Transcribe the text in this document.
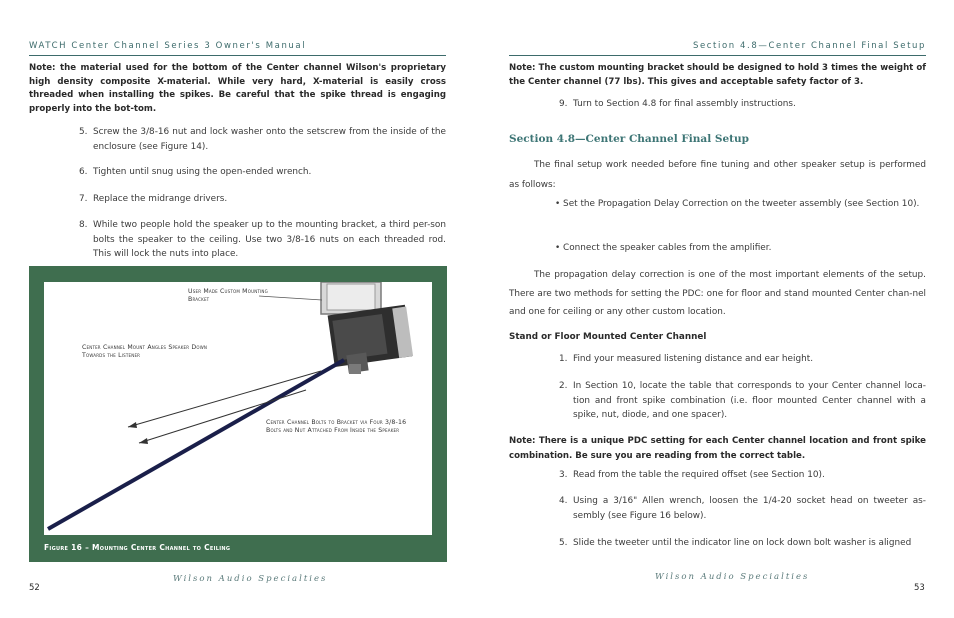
WATCH Center Channel Series 3 Owner's Manual
Note: the material used for the bottom of the Center channel Wilson's proprietary high density composite X-material. While very hard, X-material is easily cross threaded when installing the spikes. Be careful that the spike thread is engaging properly into the bot-tom.
5. Screw the 3/8-16 nut and lock washer onto the setscrew from the inside of the enclosure (see Figure 14).
6. Tighten until snug using the open-ended wrench.
7. Replace the midrange drivers.
8. While two people hold the speaker up to the mounting bracket, a third per-son bolts the speaker to the ceiling. Use two 3/8-16 nuts on each threaded rod. This will lock the nuts into place.
User Made Custom Mounting Bracket
Center Channel Mount Angles Speaker Down Towards the Listener
Center Channel Bolts to Bracket via Four 3/8-16 Bolts and Nut Attached From Inside the Speaker
Figure 16 – Mounting Center Channel to Ceiling
Wilson Audio Specialties
52
Section 4.8—Center Channel Final Setup
Note: The custom mounting bracket should be designed to hold 3 times the weight of the Center channel (77 lbs). This gives and acceptable safety factor of 3.
9. Turn to Section 4.8 for final assembly instructions.
Section 4.8—Center Channel Final Setup
The final setup work needed before fine tuning and other speaker setup is performed as follows:
• Set the Propagation Delay Correction on the tweeter assembly (see Section 10).
• Connect the speaker cables from the amplifier.
The propagation delay correction is one of the most important elements of the setup. There are two methods for setting the PDC: one for floor and stand mounted Center chan-nel and one for ceiling or any other custom location.
Stand or Floor Mounted Center Channel
1. Find your measured listening distance and ear height.
2. In Section 10, locate the table that corresponds to your Center channel loca-tion and front spike combination (i.e. floor mounted Center channel with a spike, nut, diode, and one spacer).
Note: There is a unique PDC setting for each Center channel location and front spike combination. Be sure you are reading from the correct table.
3. Read from the table the required offset (see Section 10).
4. Using a 3/16" Allen wrench, loosen the 1/4-20 socket head on tweeter as-sembly (see Figure 16 below).
5. Slide the tweeter until the indicator line on lock down bolt washer is aligned
Wilson Audio Specialties
53
